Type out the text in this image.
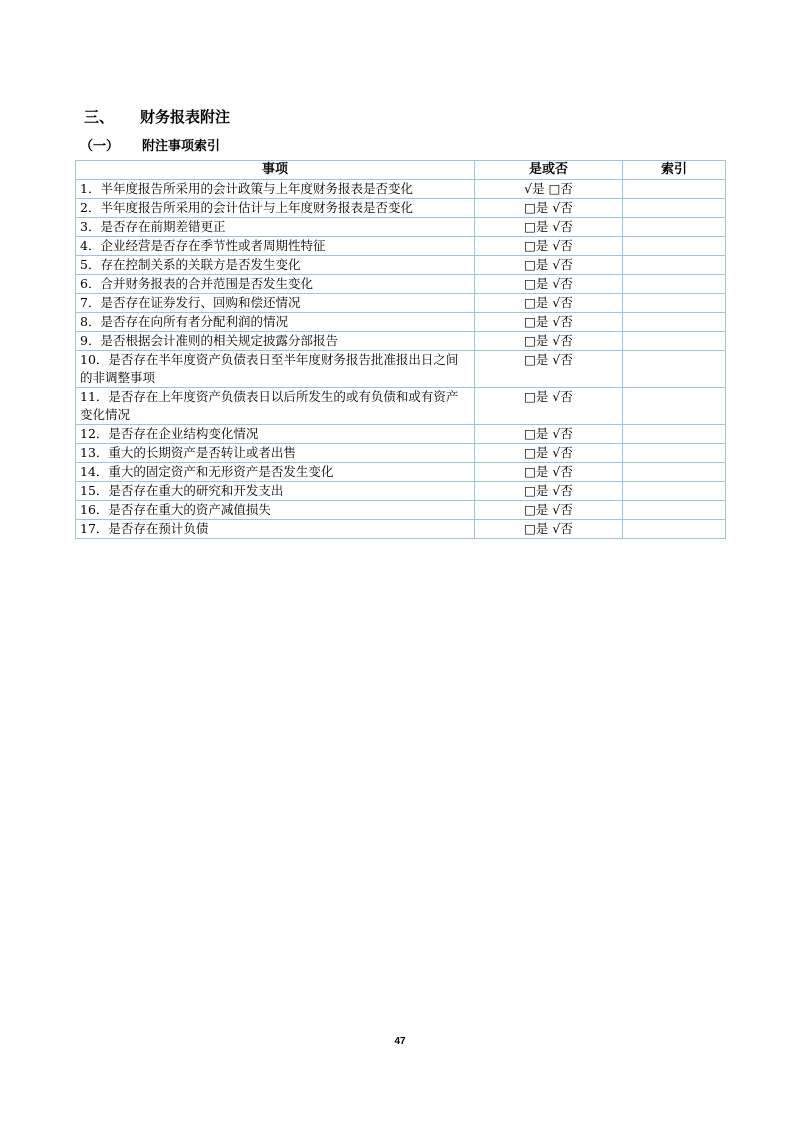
三、 财务报表附注
（一） 附注事项索引
事项	是或否	索引
1．半年度报告所采用的会计政策与上年度财务报表是否变化	√是 □否	
2．半年度报告所采用的会计估计与上年度财务报表是否变化	□是 √否	
3．是否存在前期差错更正	□是 √否	
4．企业经营是否存在季节性或者周期性特征	□是 √否	
5．存在控制关系的关联方是否发生变化	□是 √否	
6．合并财务报表的合并范围是否发生变化	□是 √否	
7．是否存在证券发行、回购和偿还情况	□是 √否	
8．是否存在向所有者分配利润的情况	□是 √否	
9．是否根据会计准则的相关规定披露分部报告	□是 √否	
10．是否存在半年度资产负债表日至半年度财务报告批准报出日之间的非调整事项	□是 √否	
11．是否存在上年度资产负债表日以后所发生的或有负债和或有资产变化情况	□是 √否	
12．是否存在企业结构变化情况	□是 √否	
13．重大的长期资产是否转让或者出售	□是 √否	
14．重大的固定资产和无形资产是否发生变化	□是 √否	
15．是否存在重大的研究和开发支出	□是 √否	
16．是否存在重大的资产减值损失	□是 √否	
17．是否存在预计负债	□是 √否	
47
